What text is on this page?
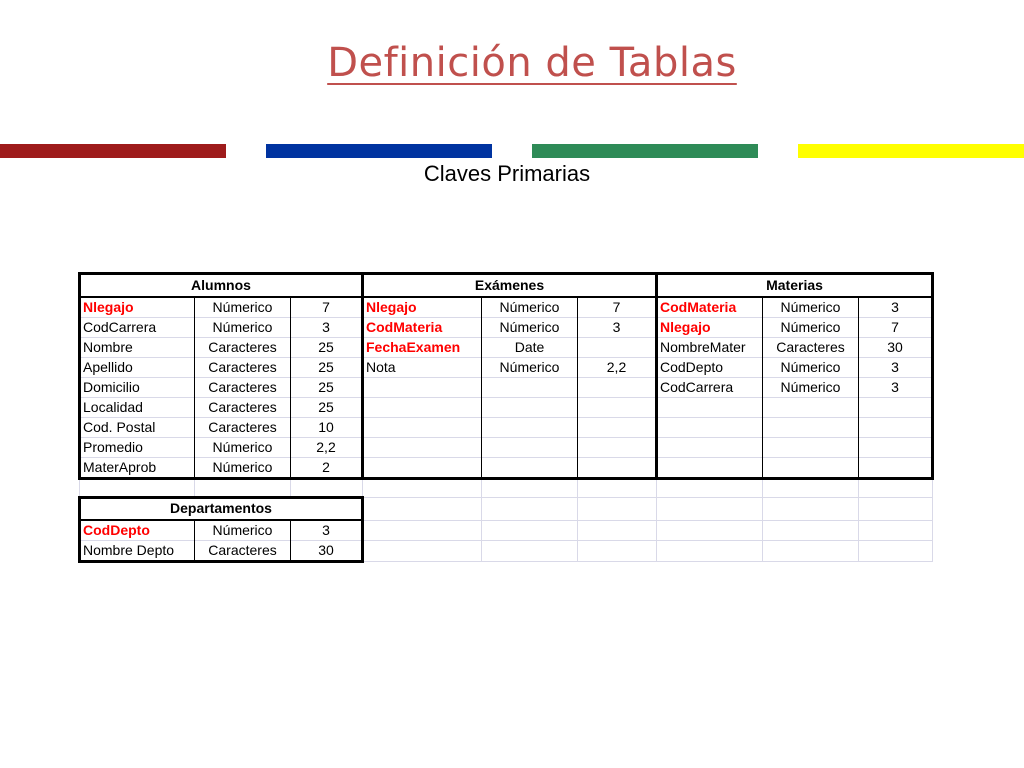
Definición de Tablas
Claves Primarias
Alumnos			Exámenes			Materias		
Nlegajo	Númerico	7	Nlegajo	Númerico	7	CodMateria	Númerico	3
CodCarrera	Númerico	3	CodMateria	Númerico	3	Nlegajo	Númerico	7
Nombre	Caracteres	25	FechaExamen	Date		NombreMater	Caracteres	30
Apellido	Caracteres	25	Nota	Númerico	2,2	CodDepto	Númerico	3
Domicilio	Caracteres	25				CodCarrera	Númerico	3
Localidad	Caracteres	25						
Cod. Postal	Caracteres	10						
Promedio	Númerico	2,2						
MaterAprob	Númerico	2						

Departamentos								
CodDepto	Númerico	3						
Nombre Depto	Caracteres	30						
